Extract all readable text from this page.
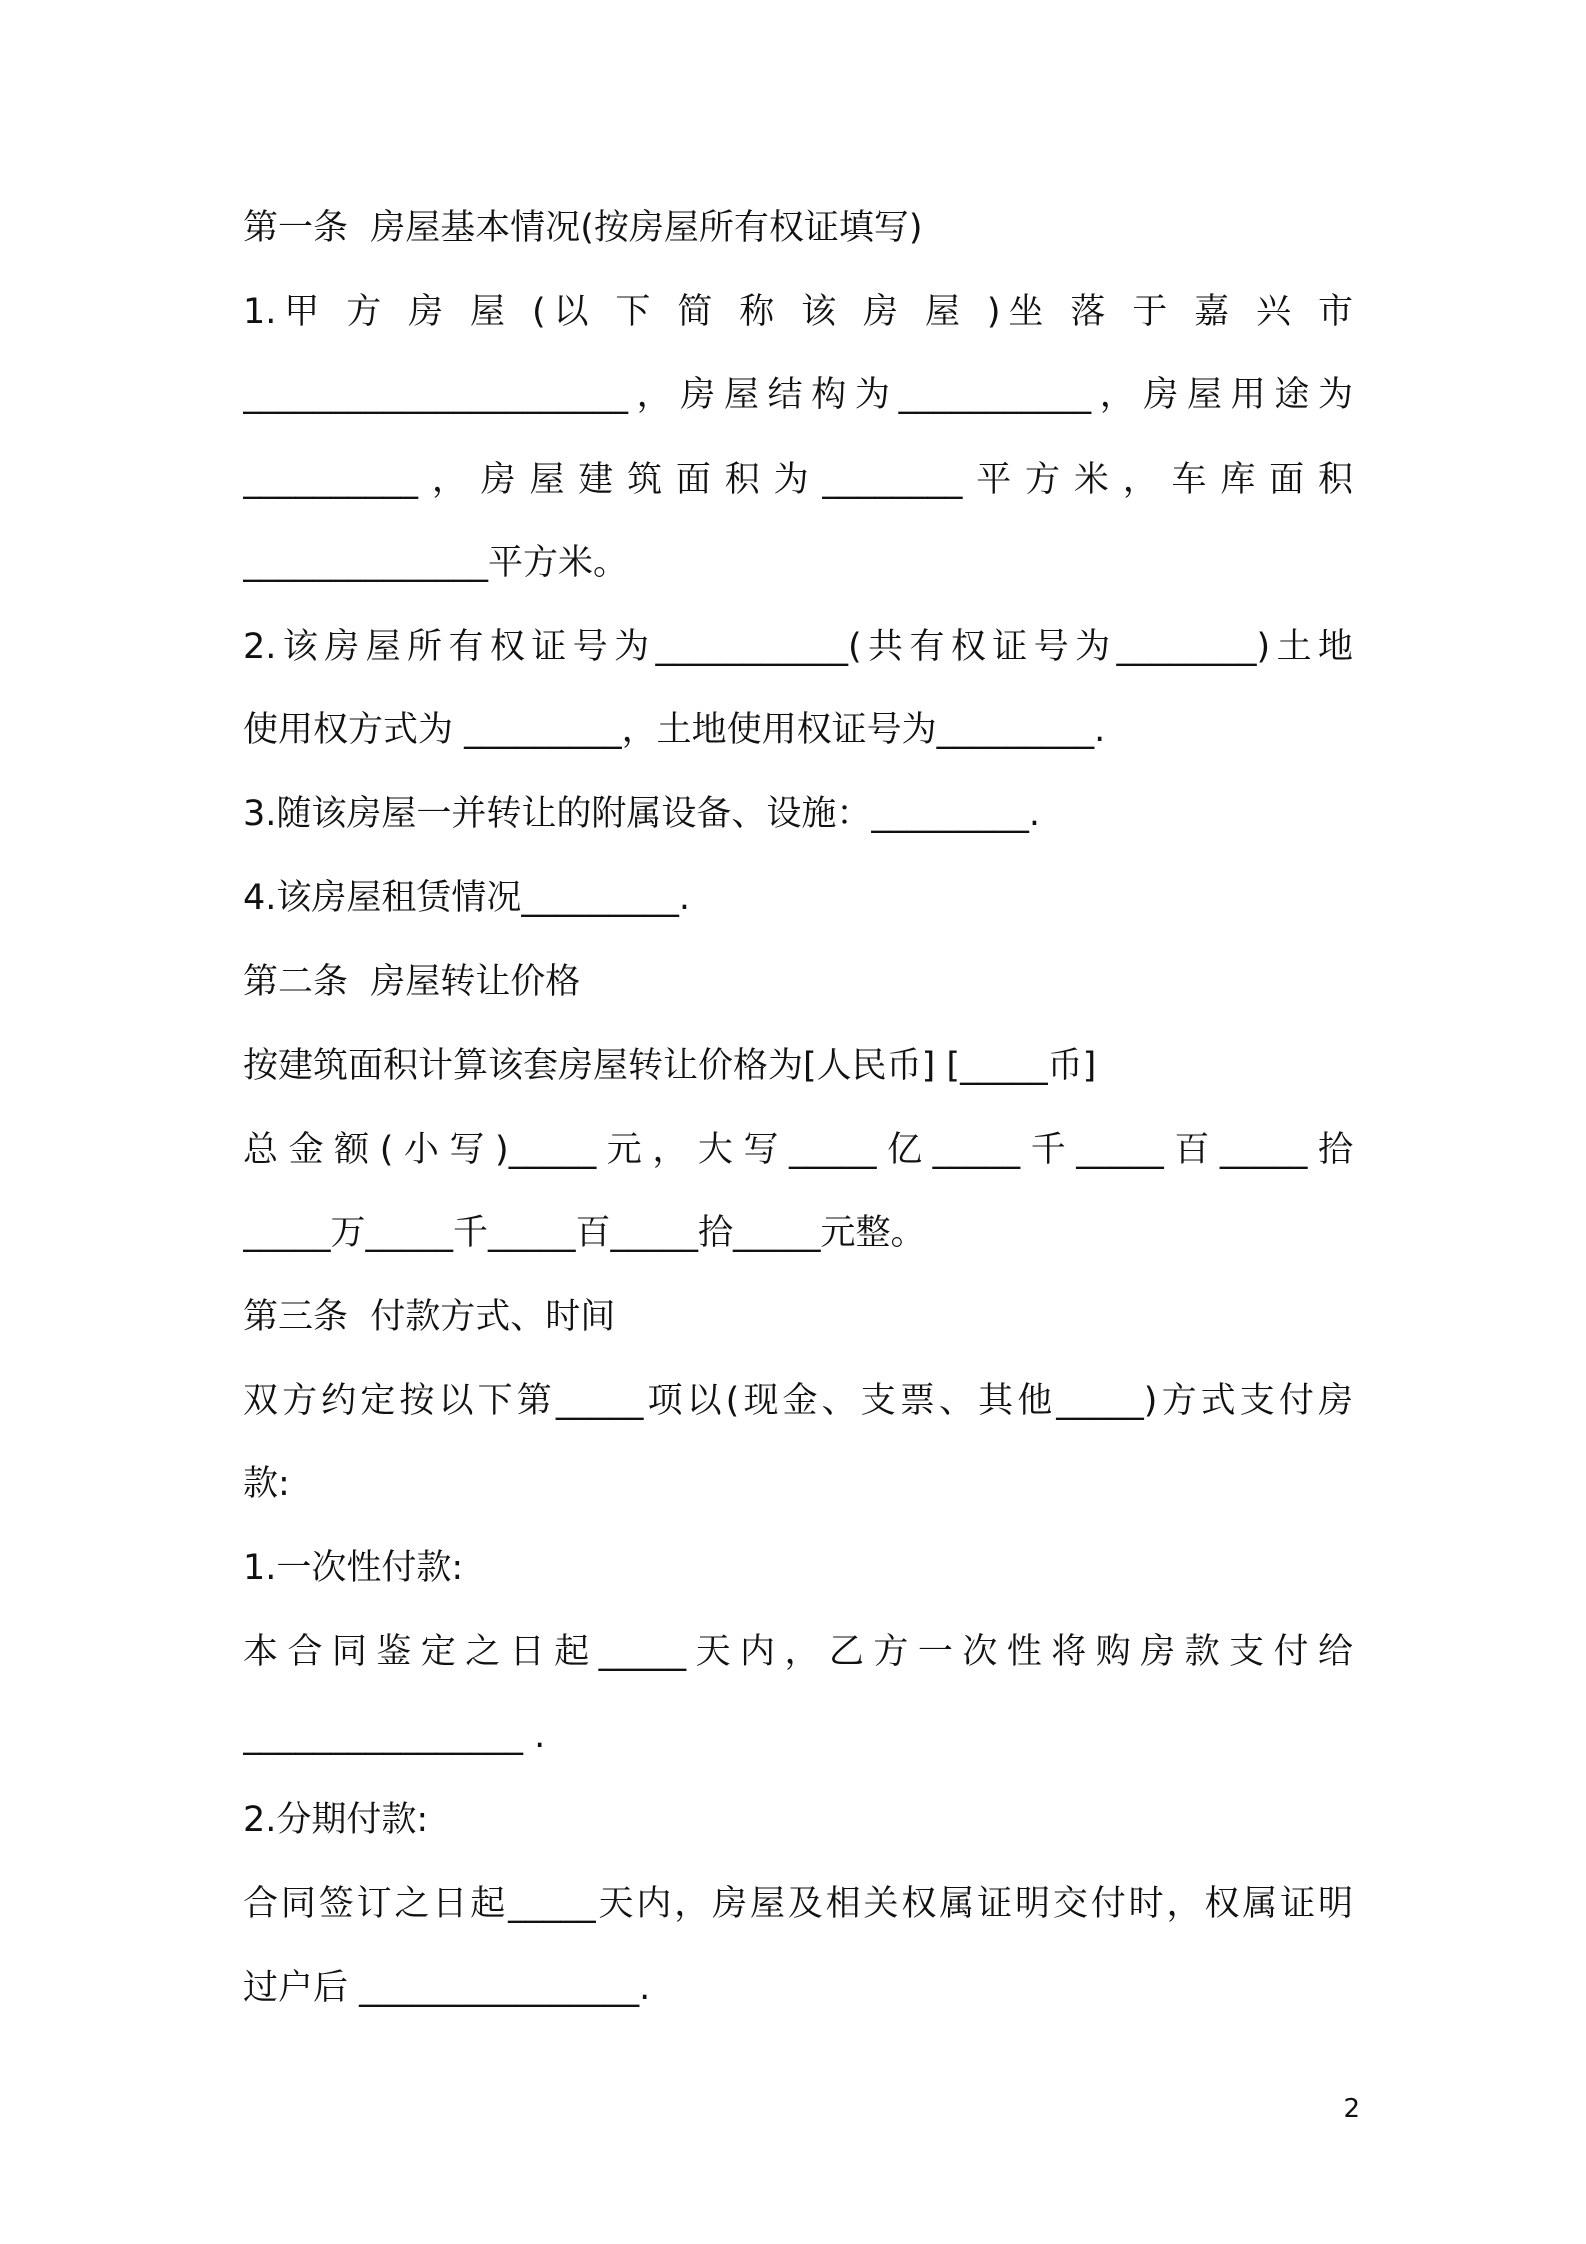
第一条  房屋基本情况(按房屋所有权证填写)
1.甲 方 房 屋 (以 下 简 称 该 房 屋 )坐 落 于 嘉 兴 市
______________________，房屋结构为___________，房屋用途为
__________，房屋建筑面积为________平方米，车库面积
______________平方米。
2.该房屋所有权证号为___________(共有权证号为________)土地
使用权方式为 _________，土地使用权证号为_________.
3.随该房屋一并转让的附属设备、设施：_________.
4.该房屋租赁情况_________.
第二条  房屋转让价格
按建筑面积计算该套房屋转让价格为[人民币] [_____币]
总金额(小写)_____元，大写_____亿_____千_____百_____拾
_____万_____千_____百_____拾_____元整。
第三条  付款方式、时间
双方约定按以下第_____项以(现金、支票、其他_____)方式支付房
款:
1.一次性付款:
本合同鉴定之日起_____天内，乙方一次性将购房款支付给
________________ .
2.分期付款:
合同签订之日起_____天内，房屋及相关权属证明交付时，权属证明
过户后 ________________.
2
